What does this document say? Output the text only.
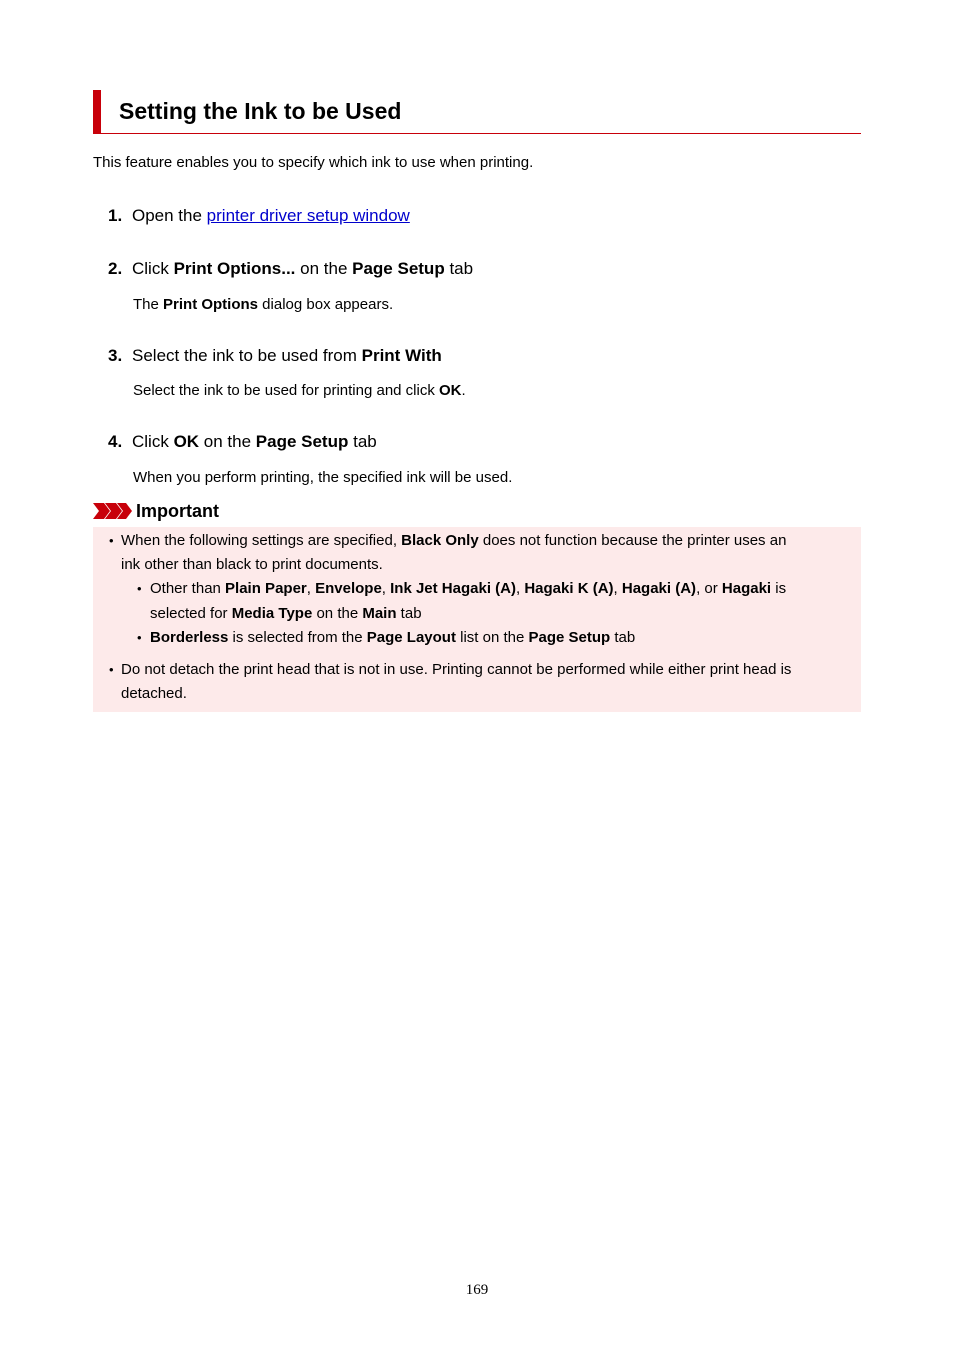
Setting the Ink to be Used
This feature enables you to specify which ink to use when printing.
1. Open the printer driver setup window
2. Click Print Options... on the Page Setup tab
The Print Options dialog box appears.
3. Select the ink to be used from Print With
Select the ink to be used for printing and click OK.
4. Click OK on the Page Setup tab
When you perform printing, the specified ink will be used.
Important
• When the following settings are specified, Black Only does not function because the printer uses an
ink other than black to print documents.
• Other than Plain Paper, Envelope, Ink Jet Hagaki (A), Hagaki K (A), Hagaki (A), or Hagaki is
selected for Media Type on the Main tab
• Borderless is selected from the Page Layout list on the Page Setup tab
• Do not detach the print head that is not in use. Printing cannot be performed while either print head is
detached.
169
